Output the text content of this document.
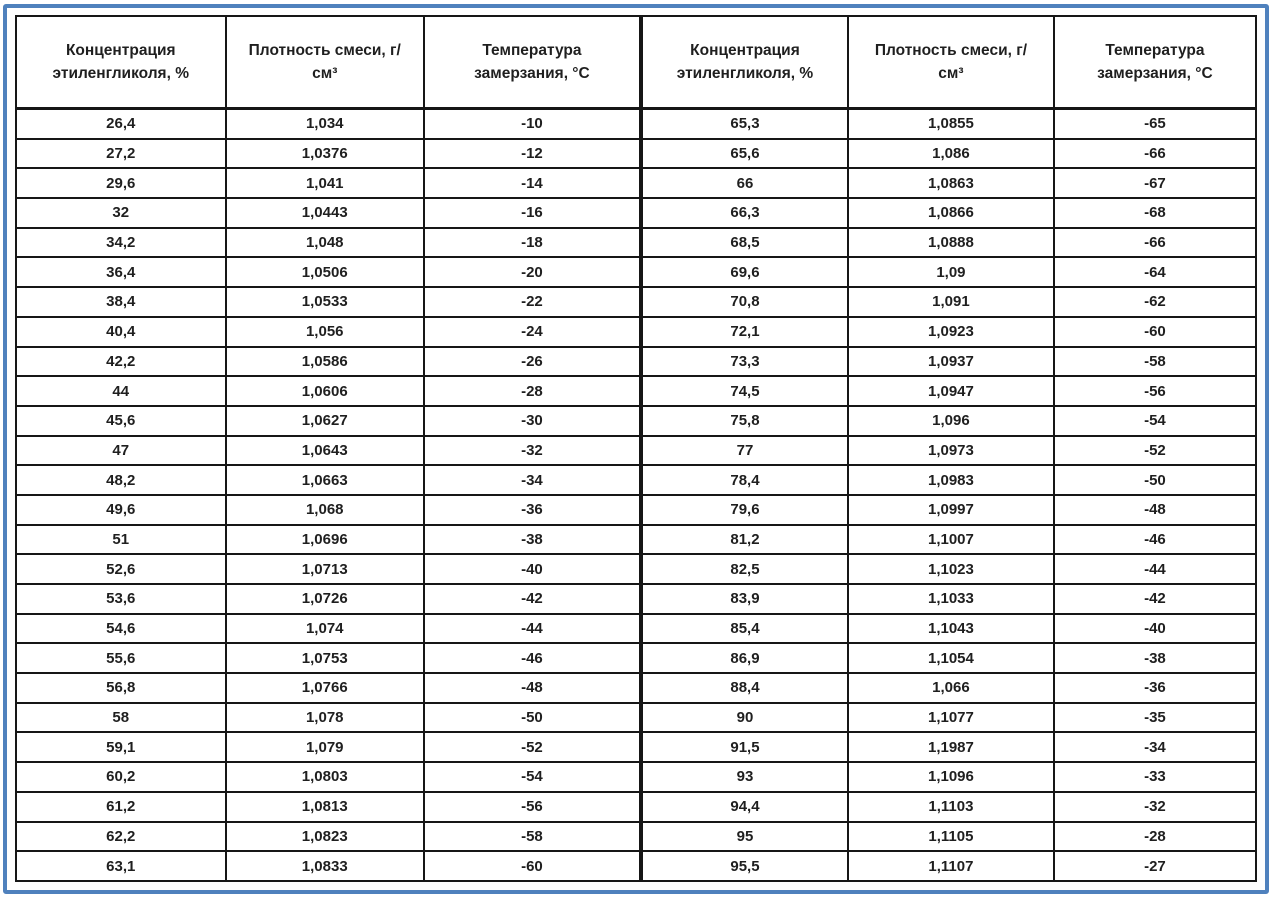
Концентрация этиленгликоля, %	Плотность смеси, г/см³	Температура замерзания, °С	Концентрация этиленгликоля, %	Плотность смеси, г/см³	Температура замерзания, °С
26,4	1,034	-10	65,3	1,0855	-65
27,2	1,0376	-12	65,6	1,086	-66
29,6	1,041	-14	66	1,0863	-67
32	1,0443	-16	66,3	1,0866	-68
34,2	1,048	-18	68,5	1,0888	-66
36,4	1,0506	-20	69,6	1,09	-64
38,4	1,0533	-22	70,8	1,091	-62
40,4	1,056	-24	72,1	1,0923	-60
42,2	1,0586	-26	73,3	1,0937	-58
44	1,0606	-28	74,5	1,0947	-56
45,6	1,0627	-30	75,8	1,096	-54
47	1,0643	-32	77	1,0973	-52
48,2	1,0663	-34	78,4	1,0983	-50
49,6	1,068	-36	79,6	1,0997	-48
51	1,0696	-38	81,2	1,1007	-46
52,6	1,0713	-40	82,5	1,1023	-44
53,6	1,0726	-42	83,9	1,1033	-42
54,6	1,074	-44	85,4	1,1043	-40
55,6	1,0753	-46	86,9	1,1054	-38
56,8	1,0766	-48	88,4	1,066	-36
58	1,078	-50	90	1,1077	-35
59,1	1,079	-52	91,5	1,1987	-34
60,2	1,0803	-54	93	1,1096	-33
61,2	1,0813	-56	94,4	1,1103	-32
62,2	1,0823	-58	95	1,1105	-28
63,1	1,0833	-60	95,5	1,1107	-27
